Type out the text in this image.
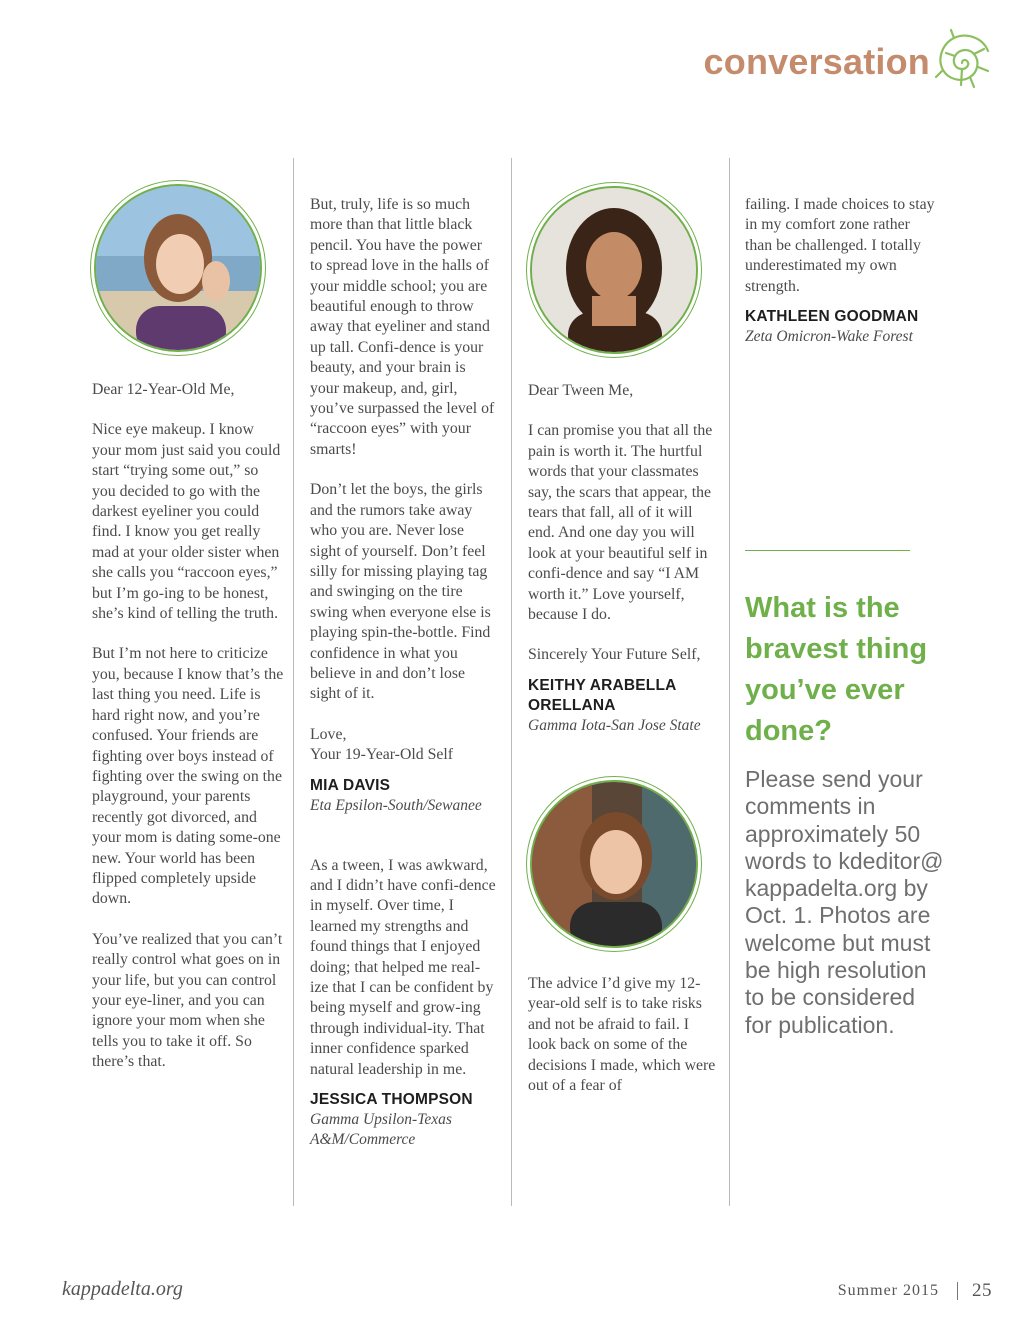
conversation

Dear 12-Year-Old Me,

Nice eye makeup. I know your mom just said you could start “trying some out,” so you decided to go with the darkest eyeliner you could find. I know you get really mad at your older sister when she calls you “raccoon eyes,” but I’m go-ing to be honest, she’s kind of telling the truth.

But I’m not here to criticize you, because I know that’s the last thing you need. Life is hard right now, and you’re confused. Your friends are fighting over boys instead of fighting over the swing on the playground, your parents recently got divorced, and your mom is dating some-one new. Your world has been flipped completely upside down.

You’ve realized that you can’t really control what goes on in your life, but you can control your eye-liner, and you can ignore your mom when she tells you to take it off. So there’s that.

But, truly, life is so much more than that little black pencil. You have the power to spread love in the halls of your middle school; you are beautiful enough to throw away that eyeliner and stand up tall. Confi-dence is your beauty, and your brain is your makeup, and, girl, you’ve surpassed the level of “raccoon eyes” with your smarts!

Don’t let the boys, the girls and the rumors take away who you are. Never lose sight of yourself. Don’t feel silly for missing playing tag and swinging on the tire swing when everyone else is playing spin-the-bottle. Find confidence in what you believe in and don’t lose sight of it.

Love,
Your 19-Year-Old Self
MIA DAVIS
Eta Epsilon-South/Sewanee

As a tween, I was awkward, and I didn’t have confi-dence in myself. Over time, I learned my strengths and found things that I enjoyed doing; that helped me real-ize that I can be confident by being myself and grow-ing through individual-ity. That inner confidence sparked natural leadership in me.

JESSICA THOMPSON
Gamma Upsilon-Texas
A&M/Commerce

Dear Tween Me,

I can promise you that all the pain is worth it. The hurtful words that your classmates say, the scars that appear, the tears that fall, all of it will end. And one day you will look at your beautiful self in confi-dence and say “I AM worth it.” Love yourself, because I do.

Sincerely Your Future Self,
KEITHY ARABELLA
ORELLANA
Gamma Iota-San Jose State

The advice I’d give my 12-year-old self is to take risks and not be afraid to fail. I look back on some of the decisions I made, which were out of a fear of

failing. I made choices to stay in my comfort zone rather than be challenged. I totally underestimated my own strength.

KATHLEEN GOODMAN
Zeta Omicron-Wake Forest
What is the bravest thing you’ve ever done?
Please send your comments in approximately 50 words to kdeditor@ kappadelta.org by Oct. 1. Photos are welcome but must be high resolution to be considered for publication.
kappadelta.org	Summer 2015 25
